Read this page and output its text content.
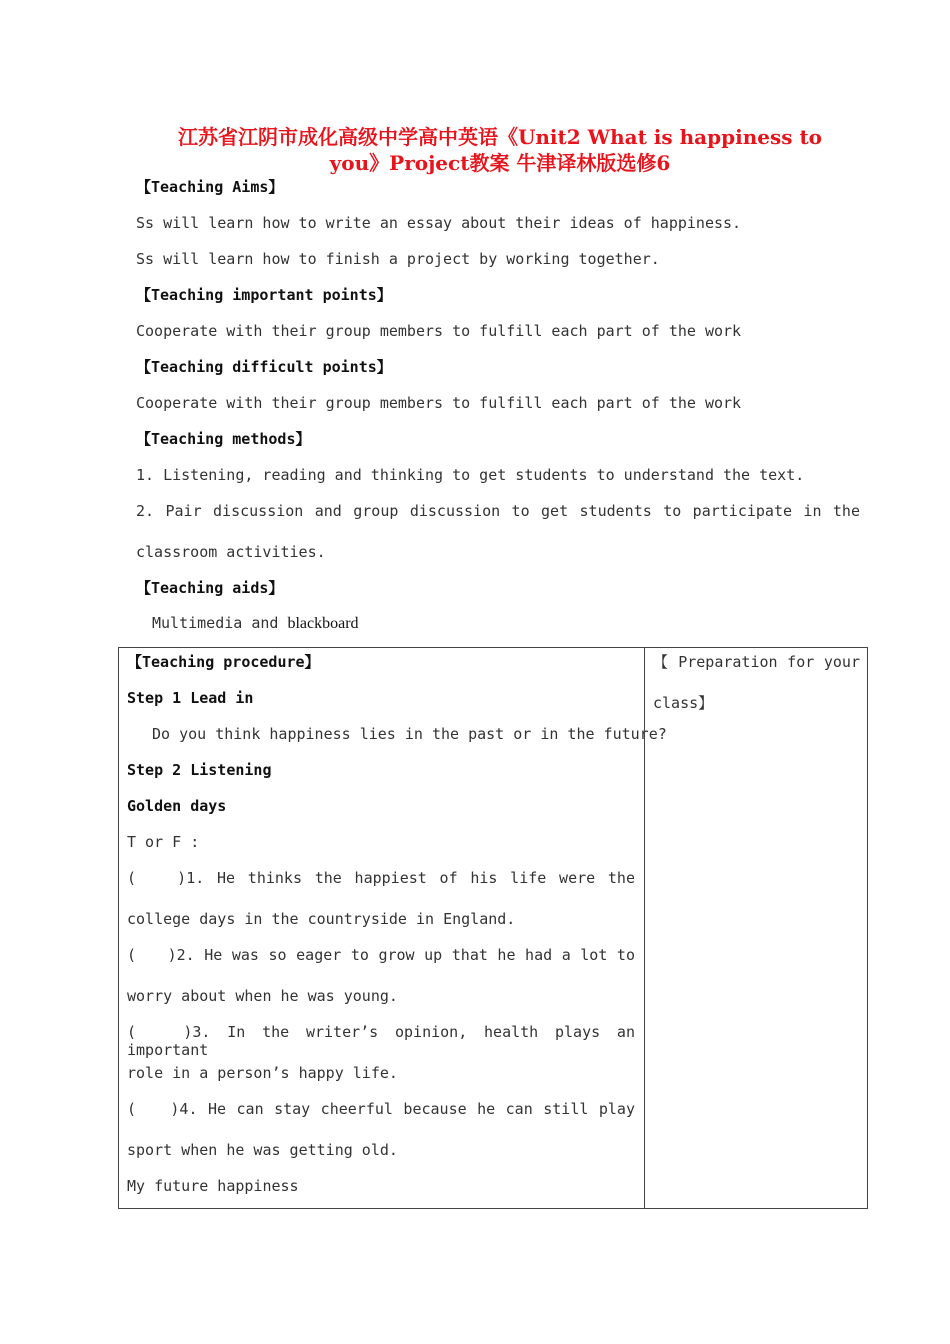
江苏省江阴市成化高级中学高中英语《Unit2 What is happiness to
you》Project教案 牛津译林版选修6
【Teaching Aims】
Ss will learn how to write an essay about their ideas of happiness.
Ss will learn how to finish a project by working together.
【Teaching important points】
Cooperate with their group members to fulfill each part of the work
【Teaching difficult points】
Cooperate with their group members to fulfill each part of the work
【Teaching methods】
1. Listening, reading and thinking to get students to understand the text.
2. Pair discussion and group discussion to get students to participate in the
classroom activities.
【Teaching aids】
Multimedia and blackboard
【Teaching procedure】
Step 1 Lead in
Do you think happiness lies in the past or in the future?
Step 2 Listening
Golden days
T or F :
(　　)1. He thinks the happiest of his life were the
college days in the countryside in England.
(　　)2. He was so eager to grow up that he had a lot to
worry about when he was young.
(　 )3. In the writer’s opinion, health plays an important
role in a person’s happy life.
(　　)4. He can stay cheerful because he can still play
sport when he was getting old.
My future happiness
【 Preparation for your
class】
